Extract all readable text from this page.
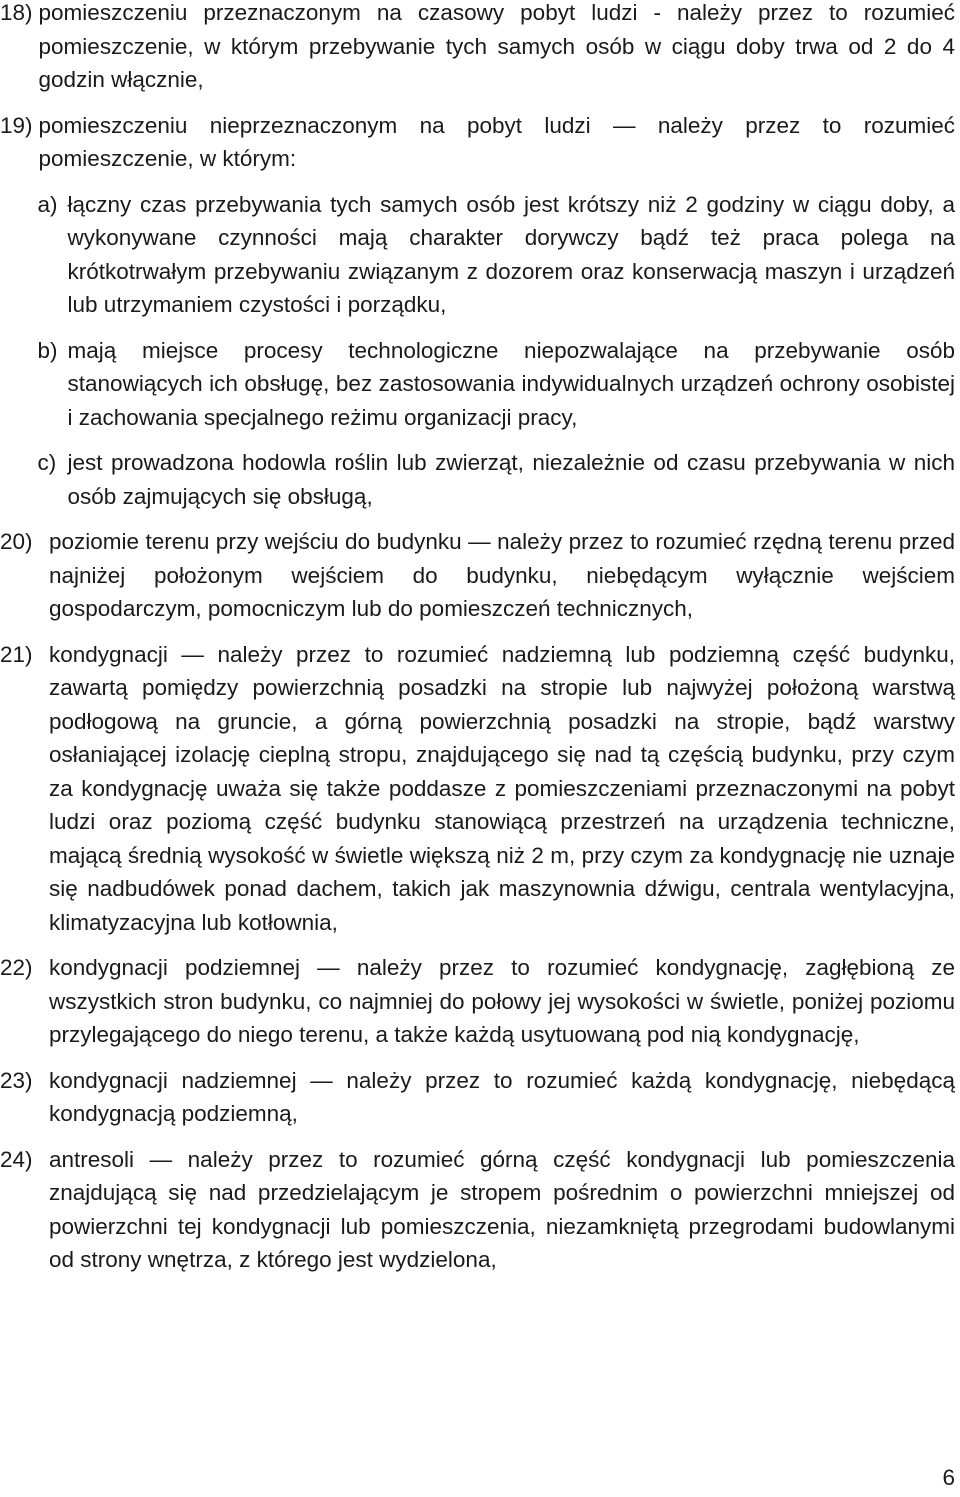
18) pomieszczeniu przeznaczonym na czasowy pobyt ludzi - należy przez to rozumieć pomieszczenie, w którym przebywanie tych samych osób w ciągu doby trwa od 2 do 4 godzin włącznie,
19) pomieszczeniu nieprzeznaczonym na pobyt ludzi — należy przez to rozumieć pomieszczenie, w którym:
a) łączny czas przebywania tych samych osób jest krótszy niż 2 godziny w ciągu doby, a wykonywane czynności mają charakter dorywczy bądź też praca polega na krótkotrwałym przebywaniu związanym z dozorem oraz konserwacją maszyn i urządzeń lub utrzymaniem czystości i porządku,
b) mają miejsce procesy technologiczne niepozwalające na przebywanie osób stanowiących ich obsługę, bez zastosowania indywidualnych urządzeń ochrony osobistej i zachowania specjalnego reżimu organizacji pracy,
c) jest prowadzona hodowla roślin lub zwierząt, niezależnie od czasu przebywania w nich osób zajmujących się obsługą,
20) poziomie terenu przy wejściu do budynku — należy przez to rozumieć rzędną terenu przed najniżej położonym wejściem do budynku, niebędącym wyłącznie wejściem gospodarczym, pomocniczym lub do pomieszczeń technicznych,
21) kondygnacji — należy przez to rozumieć nadziemną lub podziemną część budynku, zawartą pomiędzy powierzchnią posadzki na stropie lub najwyżej położoną warstwą podłogową na gruncie, a górną powierzchnią posadzki na stropie, bądź warstwy osłaniającej izolację cieplną stropu, znajdującego się nad tą częścią budynku, przy czym za kondygnację uważa się także poddasze z pomieszczeniami przeznaczonymi na pobyt ludzi oraz poziomą część budynku stanowiącą przestrzeń na urządzenia techniczne, mającą średnią wysokość w świetle większą niż 2 m, przy czym za kondygnację nie uznaje się nadbudówek ponad dachem, takich jak maszynownia dźwigu, centrala wentylacyjna, klimatyzacyjna lub kotłownia,
22) kondygnacji podziemnej — należy przez to rozumieć kondygnację, zagłębioną ze wszystkich stron budynku, co najmniej do połowy jej wysokości w świetle, poniżej poziomu przylegającego do niego terenu, a także każdą usytuowaną pod nią kondygnację,
23) kondygnacji nadziemnej — należy przez to rozumieć każdą kondygnację, niebędącą kondygnacją podziemną,
24) antresoli — należy przez to rozumieć górną część kondygnacji lub pomieszczenia znajdującą się nad przedzielającym je stropem pośrednim o powierzchni mniejszej od powierzchni tej kondygnacji lub pomieszczenia, niezamkniętą przegrodami budowlanymi od strony wnętrza, z którego jest wydzielona,
6
